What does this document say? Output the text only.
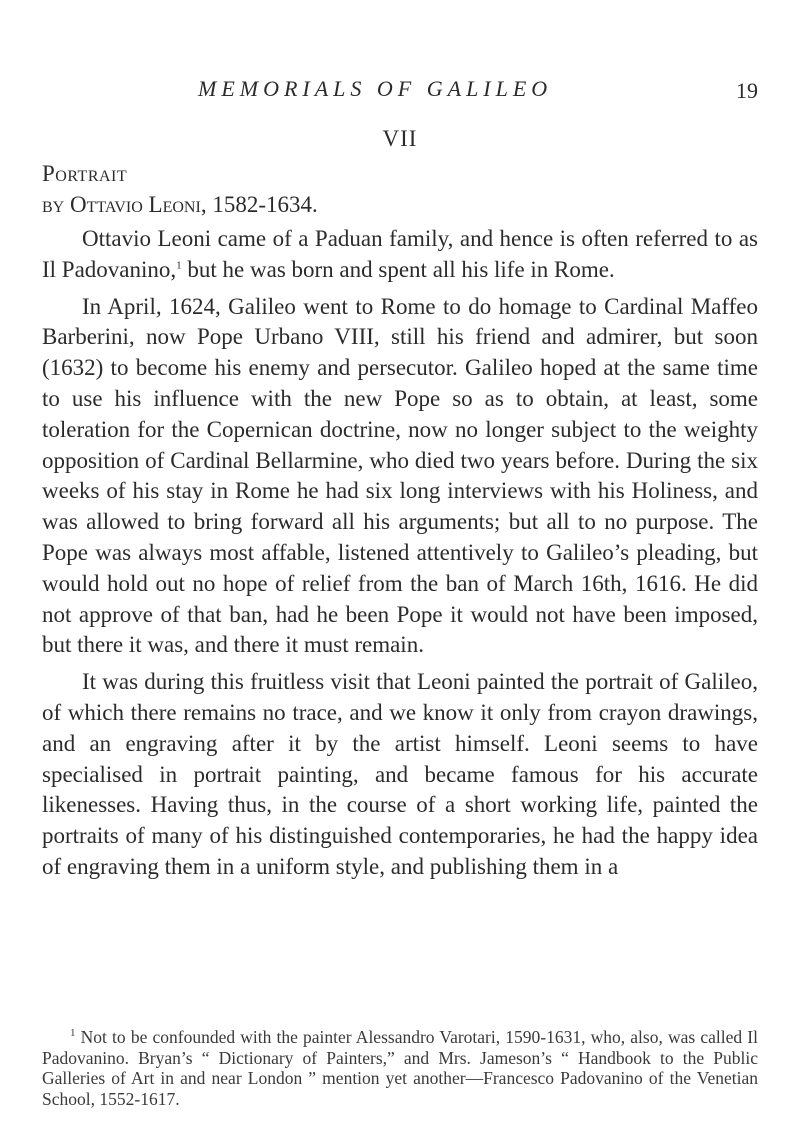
MEMORIALS OF GALILEO	19
VII
Portrait
by Ottavio Leoni, 1582-1634.

Ottavio Leoni came of a Paduan family, and hence is often referred to as Il Padovanino,$^1$ but he was born and spent all his life in Rome.

In April, 1624, Galileo went to Rome to do homage to Cardinal Maffeo Barberini, now Pope Urbano VIII, still his friend and admirer, but soon (1632) to become his enemy and persecutor. Galileo hoped at the same time to use his influence with the new Pope so as to obtain, at least, some toleration for the Copernican doctrine, now no longer subject to the weighty opposition of Cardinal Bellarmine, who died two years before. During the six weeks of his stay in Rome he had six long interviews with his Holiness, and was allowed to bring forward all his arguments; but all to no purpose. The Pope was always most affable, listened attentively to Galileo’s pleading, but would hold out no hope of relief from the ban of March 16th, 1616. He did not approve of that ban, had he been Pope it would not have been imposed, but there it was, and there it must remain.

It was during this fruitless visit that Leoni painted the portrait of Galileo, of which there remains no trace, and we know it only from crayon drawings, and an engraving after it by the artist himself. Leoni seems to have specialised in portrait painting, and became famous for his accurate likenesses. Having thus, in the course of a short working life, painted the portraits of many of his distinguished contemporaries, he had the happy idea of engraving them in a uniform style, and publishing them in a

$^1$ Not to be confounded with the painter Alessandro Varotari, 1590-1631, who, also, was called Il Padovanino. Bryan’s “ Dictionary of Painters,” and Mrs. Jameson’s “ Handbook to the Public Galleries of Art in and near London ” mention yet another—Francesco Padovanino of the Venetian School, 1552-1617.
